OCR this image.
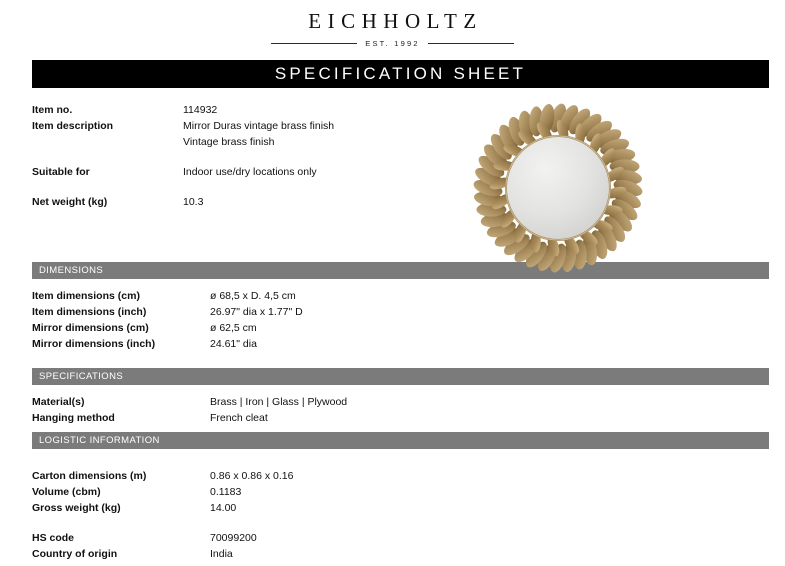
EICHHOLTZ
EST. 1992
SPECIFICATION SHEET
Item no.	114932
Item description	Mirror Duras vintage brass finish
Vintage brass finish
Suitable for	Indoor use/dry locations only
Net weight (kg)	10.3
DIMENSIONS
Item dimensions (cm)	ø 68,5 x D. 4,5 cm
Item dimensions (inch)	26.97" dia x 1.77" D
Mirror dimensions (cm)	ø 62,5 cm
Mirror dimensions (inch)	24.61" dia
SPECIFICATIONS
Material(s)	Brass | Iron | Glass | Plywood
Hanging method	French cleat
LOGISTIC INFORMATION
Carton dimensions (m)	0.86 x 0.86 x 0.16
Volume (cbm)	0.1183
Gross weight (kg)	14.00
HS code	70099200
Country of origin	India
